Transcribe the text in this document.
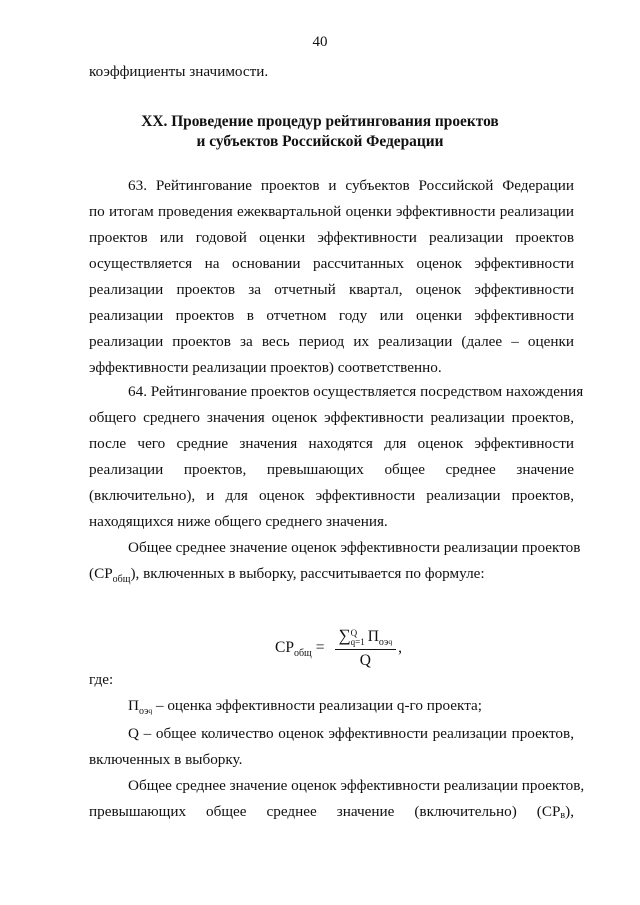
40
коэффициенты значимости.
XX. Проведение процедур рейтингования проектов
и субъектов Российской Федерации
63. Рейтингование проектов и субъектов Российской Федерации
по итогам проведения ежеквартальной оценки эффективности реализации
проектов или годовой оценки эффективности реализации проектов
осуществляется на основании рассчитанных оценок эффективности
реализации проектов за отчетный квартал, оценок эффективности
реализации проектов в отчетном году или оценки эффективности
реализации проектов за весь период их реализации (далее – оценки
эффективности реализации проектов) соответственно.
64. Рейтингование проектов осуществляется посредством нахождения
общего среднего значения оценок эффективности реализации проектов,
после чего средние значения находятся для оценок эффективности
реализации проектов, превышающих общее среднее значение
(включительно), и для оценок эффективности реализации проектов,
находящихся ниже общего среднего значения.
Общее среднее значение оценок эффективности реализации проектов
$(СР_{общ})$, включенных в выборку, рассчитывается по формуле:
$СР_{общ}$ = ∑ Q
q=1 $П_{оэ}q$
Q ,
где:
$П_{оэ}q$ – оценка эффективности реализации q-го проекта;
Q – общее количество оценок эффективности реализации проектов,
включенных в выборку.
Общее среднее значение оценок эффективности реализации проектов,
превышающих общее среднее значение (включительно) (СР в ),
